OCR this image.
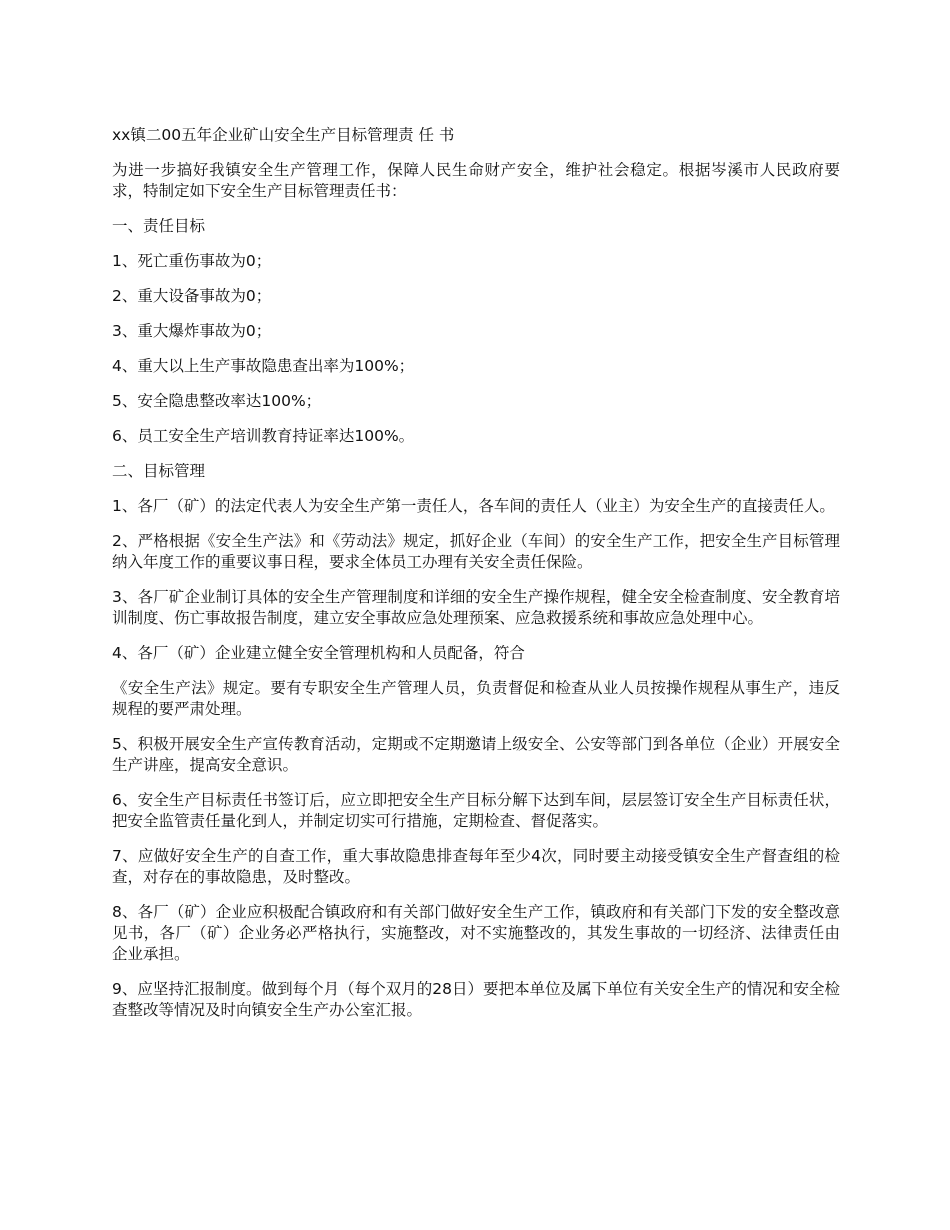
xx镇二00五年企业矿山安全生产目标管理责 任 书

为进一步搞好我镇安全生产管理工作，保障人民生命财产安全，维护社会稳定。根据岑溪市人民政府要求，特制定如下安全生产目标管理责任书：

一、责任目标

1、死亡重伤事故为0；

2、重大设备事故为0；

3、重大爆炸事故为0；

4、重大以上生产事故隐患查出率为100%；

5、安全隐患整改率达100%；

6、员工安全生产培训教育持证率达100%。

二、目标管理

1、各厂（矿）的法定代表人为安全生产第一责任人，各车间的责任人（业主）为安全生产的直接责任人。

2、严格根据《安全生产法》和《劳动法》规定，抓好企业（车间）的安全生产工作，把安全生产目标管理纳入年度工作的重要议事日程，要求全体员工办理有关安全责任保险。

3、各厂矿企业制订具体的安全生产管理制度和详细的安全生产操作规程，健全安全检查制度、安全教育培训制度、伤亡事故报告制度，建立安全事故应急处理预案、应急救援系统和事故应急处理中心。

4、各厂（矿）企业建立健全安全管理机构和人员配备，符合

《安全生产法》规定。要有专职安全生产管理人员，负责督促和检查从业人员按操作规程从事生产，违反规程的要严肃处理。

5、积极开展安全生产宣传教育活动，定期或不定期邀请上级安全、公安等部门到各单位（企业）开展安全生产讲座，提高安全意识。

6、安全生产目标责任书签订后，应立即把安全生产目标分解下达到车间，层层签订安全生产目标责任状，把安全监管责任量化到人，并制定切实可行措施，定期检查、督促落实。

7、应做好安全生产的自查工作，重大事故隐患排查每年至少4次，同时要主动接受镇安全生产督查组的检查，对存在的事故隐患，及时整改。

8、各厂（矿）企业应积极配合镇政府和有关部门做好安全生产工作，镇政府和有关部门下发的安全整改意见书，各厂（矿）企业务必严格执行，实施整改，对不实施整改的，其发生事故的一切经济、法律责任由企业承担。

9、应坚持汇报制度。做到每个月（每个双月的28日）要把本单位及属下单位有关安全生产的情况和安全检查整改等情况及时向镇安全生产办公室汇报。
